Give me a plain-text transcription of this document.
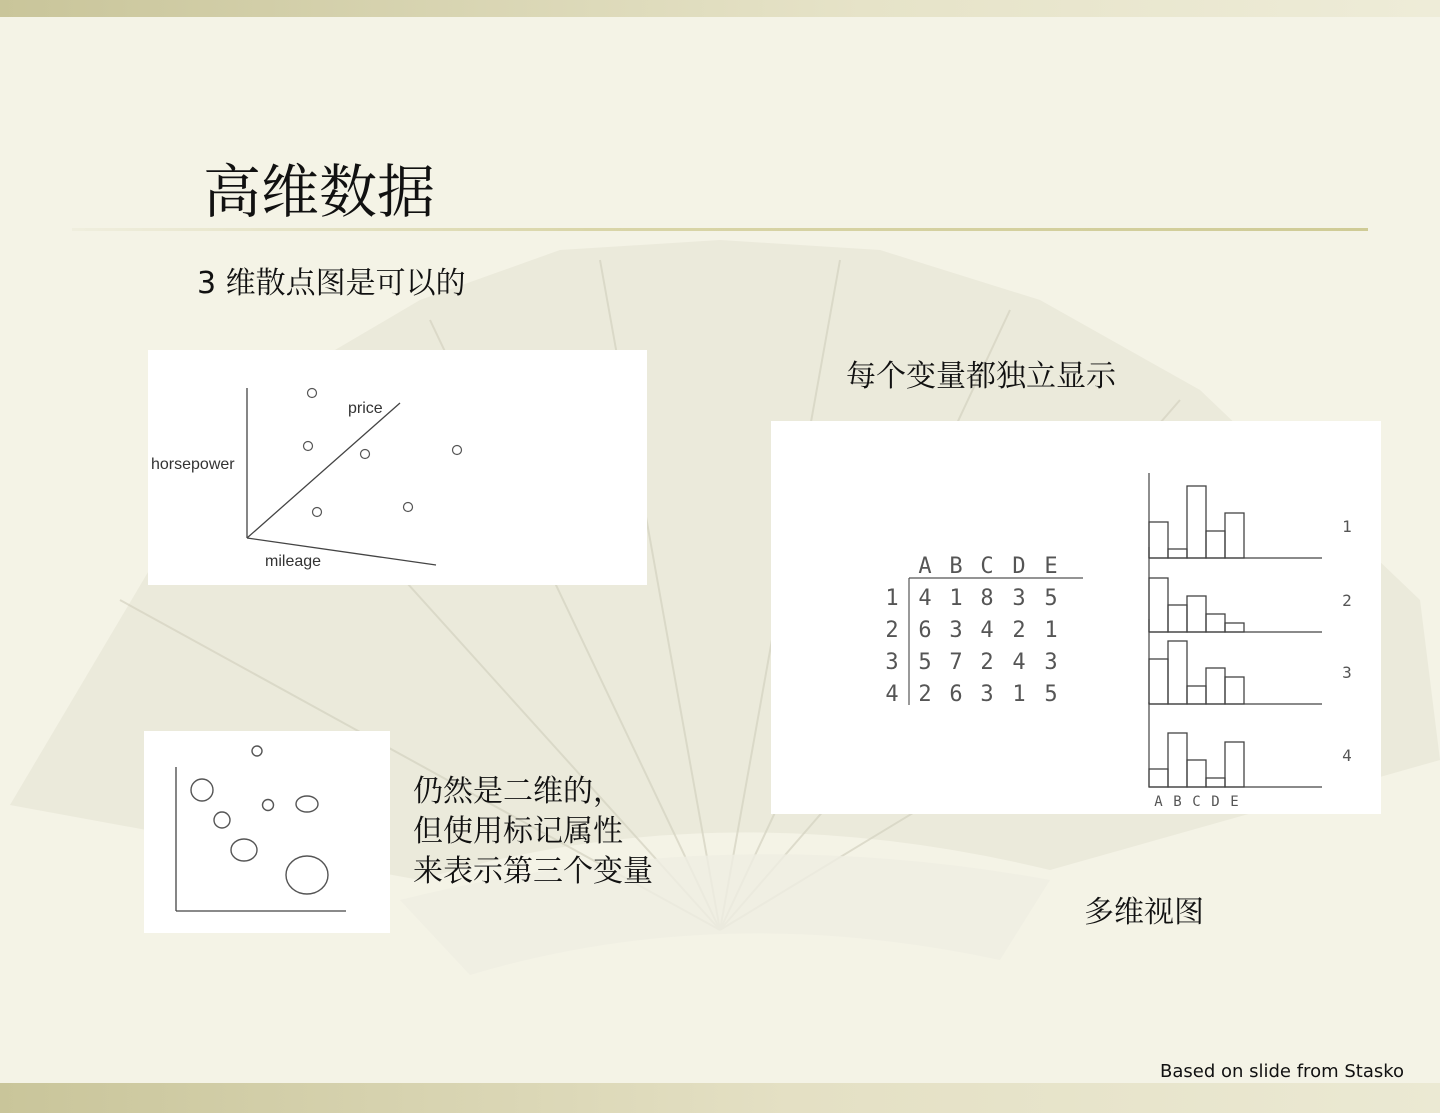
高维数据

3 维散点图是可以的

horsepower
price
mileage
仍然是二维的，
但使用标记属性
来表示第三个变量

每个变量都独立显示

A B C D E
1 4 1 8 3 5
2 6 3 4 2 1
3 5 7 2 4 3
4 2 6 3 1 5
1
2
3
4
A B C D E

多维视图

Based on slide from Stasko
